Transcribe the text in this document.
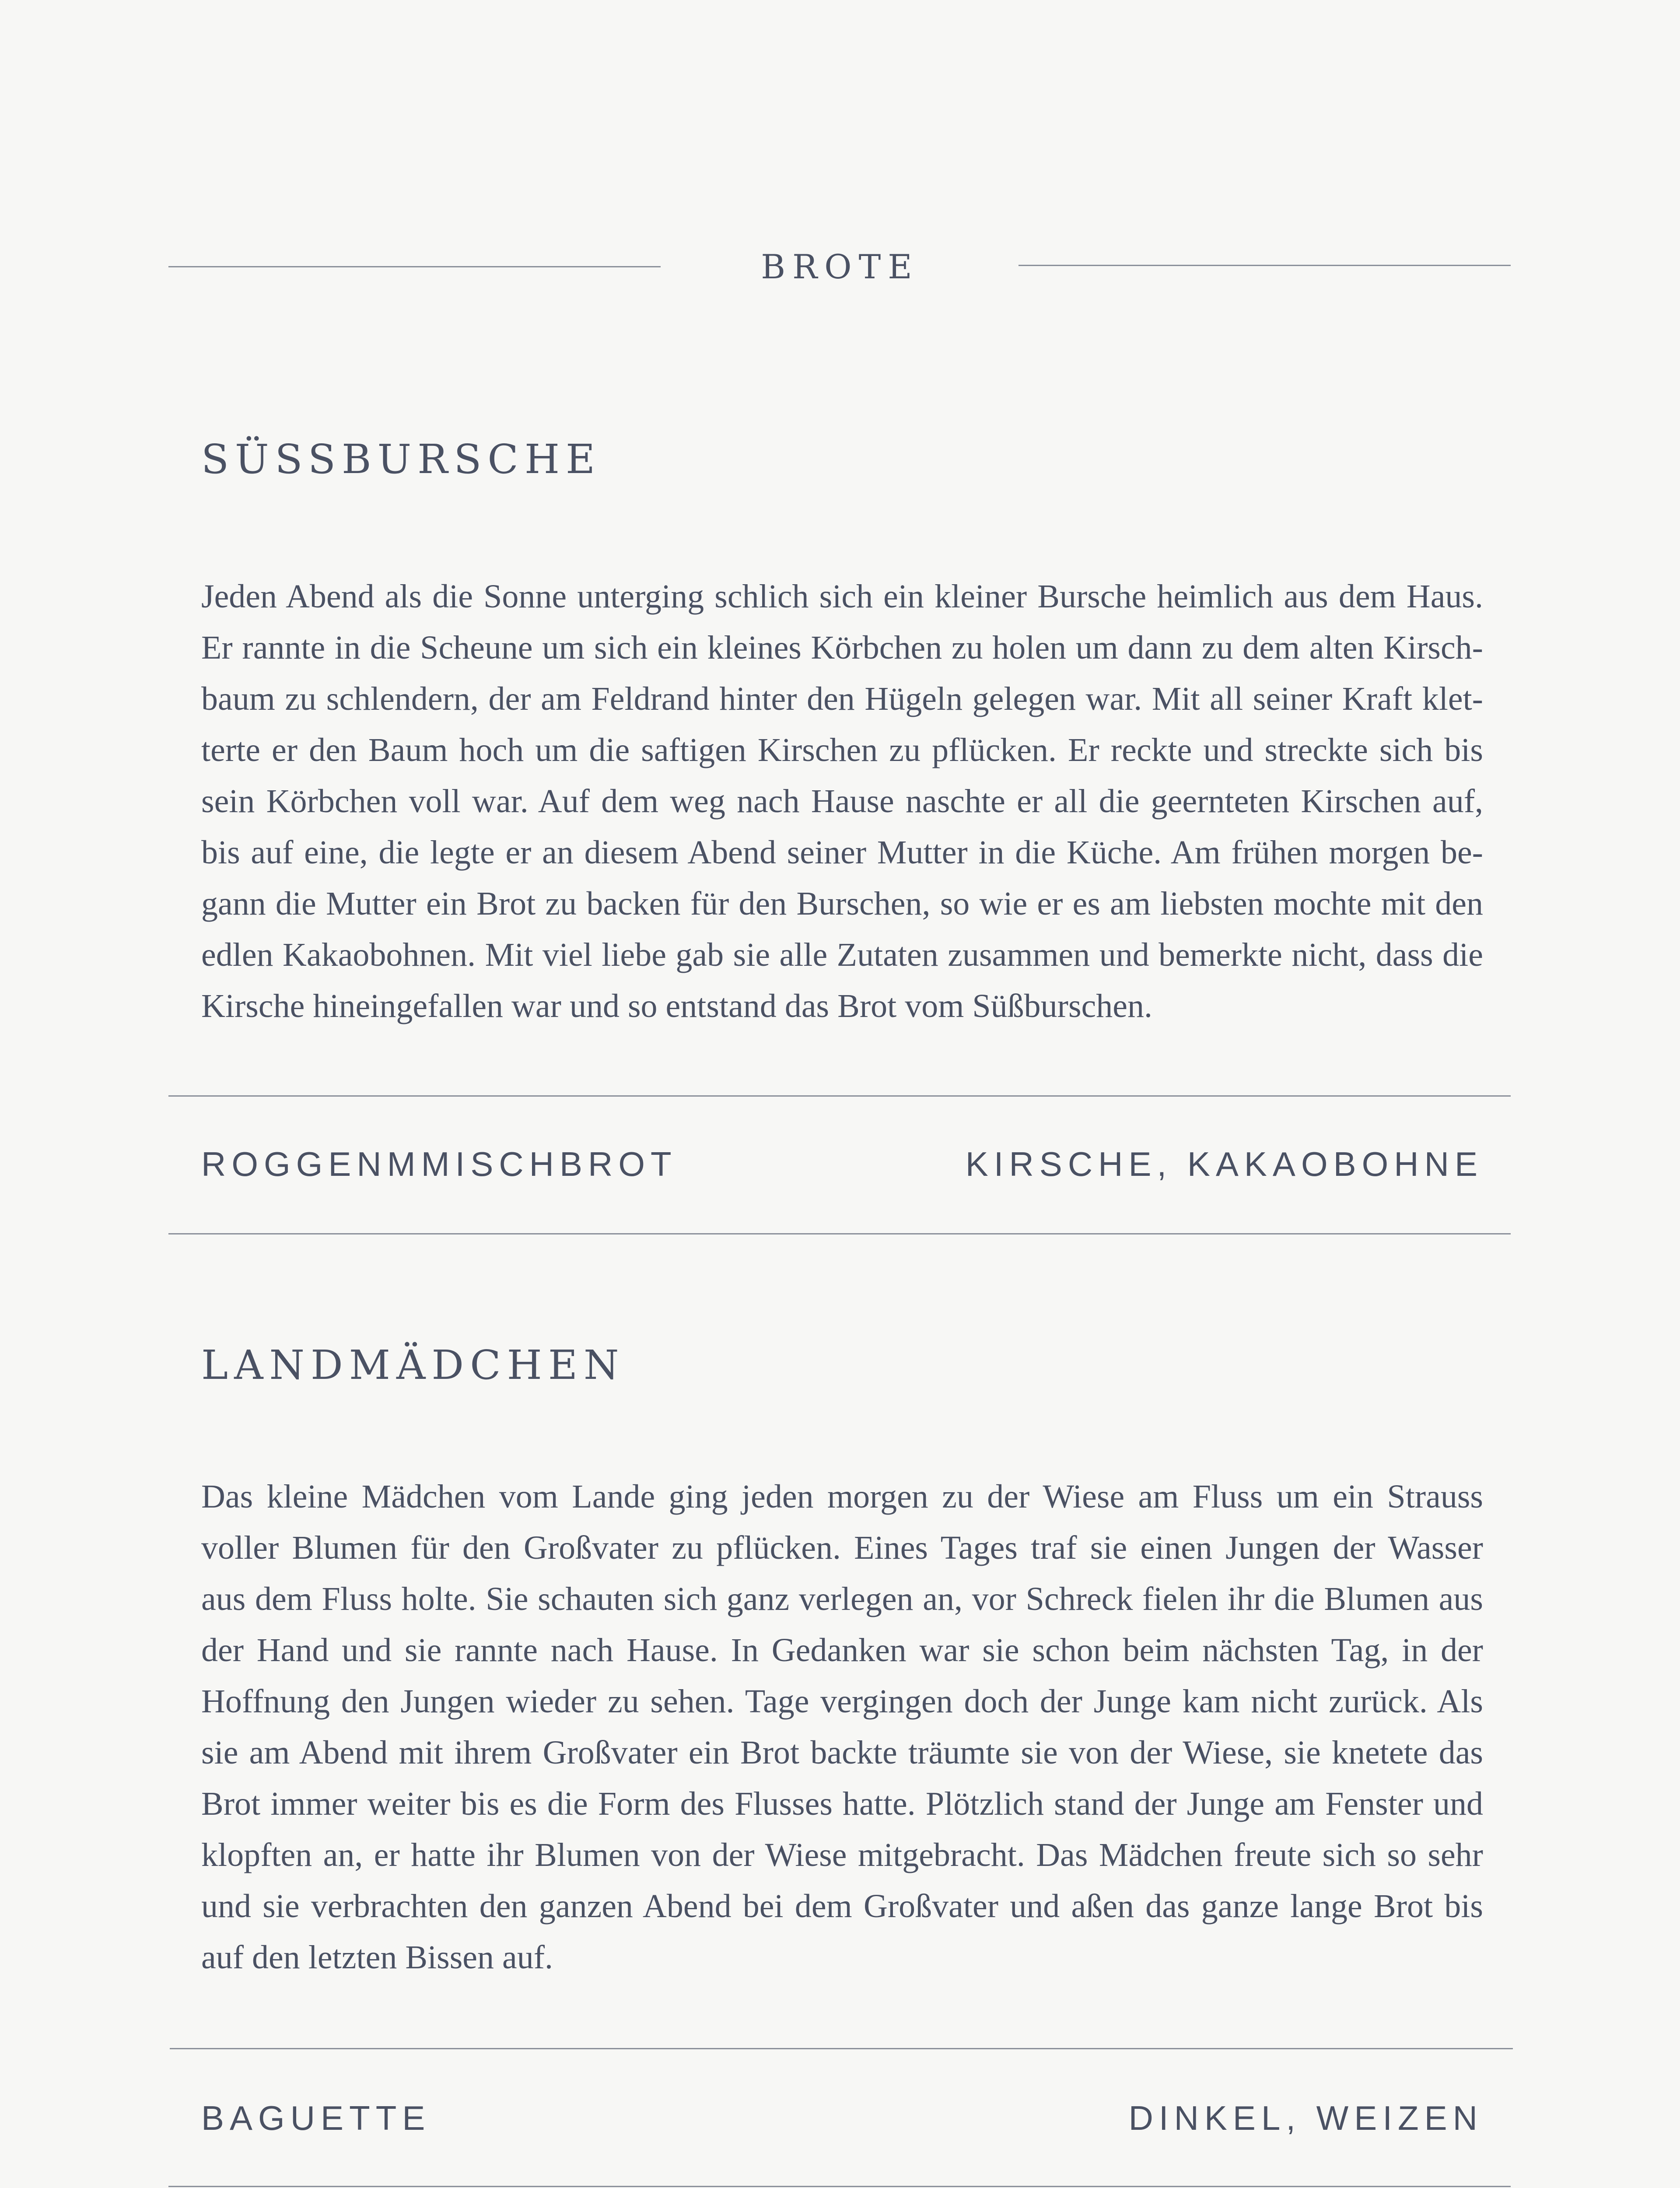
BROTE
SÜSSBURSCHE
Jeden Abend als die Sonne unterging schlich sich ein kleiner Bursche heimlich aus dem Haus.
Er rannte in die Scheune um sich ein kleines Körbchen zu holen um dann zu dem alten Kirsch-
baum zu schlendern, der am Feldrand hinter den Hügeln gelegen war. Mit all seiner Kraft klet-
terte er den Baum hoch um die saftigen Kirschen zu pflücken. Er reckte und streckte sich bis
sein Körbchen voll war. Auf dem weg nach Hause naschte er all die geernteten Kirschen auf,
bis auf eine, die legte er an diesem Abend seiner Mutter in die Küche. Am frühen morgen be-
gann die Mutter ein Brot zu backen für den Burschen, so wie er es am liebsten mochte mit den
edlen Kakaobohnen. Mit viel liebe gab sie alle Zutaten zusammen und bemerkte nicht, dass die
Kirsche hineingefallen war und so entstand das Brot vom Süßburschen.
ROGGENMMISCHBROT	KIRSCHE, KAKAOBOHNE
LANDMÄDCHEN
Das kleine Mädchen vom Lande ging jeden morgen zu der Wiese am Fluss um ein Strauss
voller Blumen für den Großvater zu pflücken. Eines Tages traf sie einen Jungen der Wasser
aus dem Fluss holte. Sie schauten sich ganz verlegen an, vor Schreck fielen ihr die Blumen aus
der Hand und sie rannte nach Hause. In Gedanken war sie schon beim nächsten Tag, in der
Hoffnung den Jungen wieder zu sehen. Tage vergingen doch der Junge kam nicht zurück. Als
sie am Abend mit ihrem Großvater ein Brot backte träumte sie von der Wiese, sie knetete das
Brot immer weiter bis es die Form des Flusses hatte. Plötzlich stand der Junge am Fenster und
klopften an, er hatte ihr Blumen von der Wiese mitgebracht. Das Mädchen freute sich so sehr
und sie verbrachten den ganzen Abend bei dem Großvater und aßen das ganze lange Brot bis
auf den letzten Bissen auf.
BAGUETTE	DINKEL, WEIZEN
